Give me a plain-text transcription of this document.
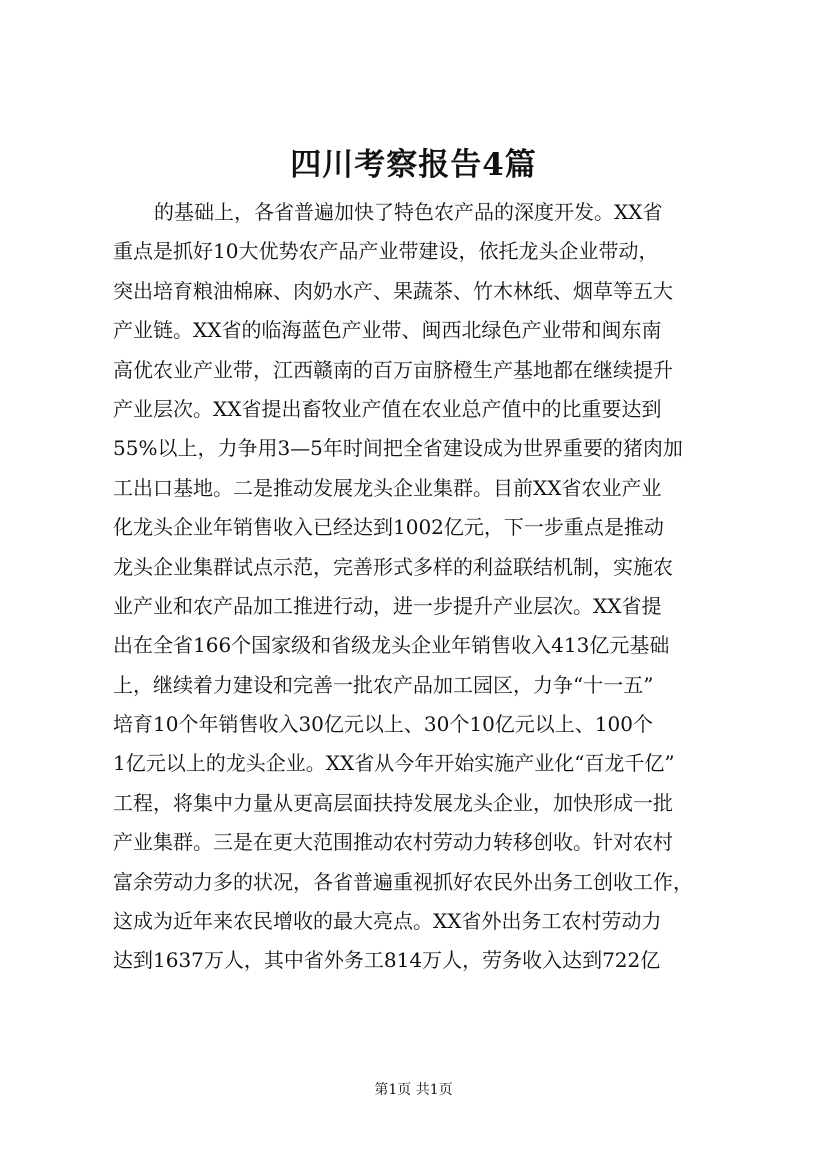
四川考察报告4篇
的基础上，各省普遍加快了特色农产品的深度开发。XX省
重点是抓好10大优势农产品产业带建设，依托龙头企业带动，
突出培育粮油棉麻、肉奶水产、果蔬茶、竹木林纸、烟草等五大
产业链。XX省的临海蓝色产业带、闽西北绿色产业带和闽东南
高优农业产业带，江西赣南的百万亩脐橙生产基地都在继续提升
产业层次。XX省提出畜牧业产值在农业总产值中的比重要达到
55%以上，力争用3—5年时间把全省建设成为世界重要的猪肉加
工出口基地。二是推动发展龙头企业集群。目前XX省农业产业
化龙头企业年销售收入已经达到1002亿元，下一步重点是推动
龙头企业集群试点示范，完善形式多样的利益联结机制，实施农
业产业和农产品加工推进行动，进一步提升产业层次。XX省提
出在全省166个国家级和省级龙头企业年销售收入413亿元基础
上，继续着力建设和完善一批农产品加工园区，力争“十一五”
培育10个年销售收入30亿元以上、30个10亿元以上、100个
1亿元以上的龙头企业。XX省从今年开始实施产业化“百龙千亿”
工程，将集中力量从更高层面扶持发展龙头企业，加快形成一批
产业集群。三是在更大范围推动农村劳动力转移创收。针对农村
富余劳动力多的状况，各省普遍重视抓好农民外出务工创收工作，
这成为近年来农民增收的最大亮点。XX省外出务工农村劳动力
达到1637万人，其中省外务工814万人，劳务收入达到722亿
第1页 共1页
